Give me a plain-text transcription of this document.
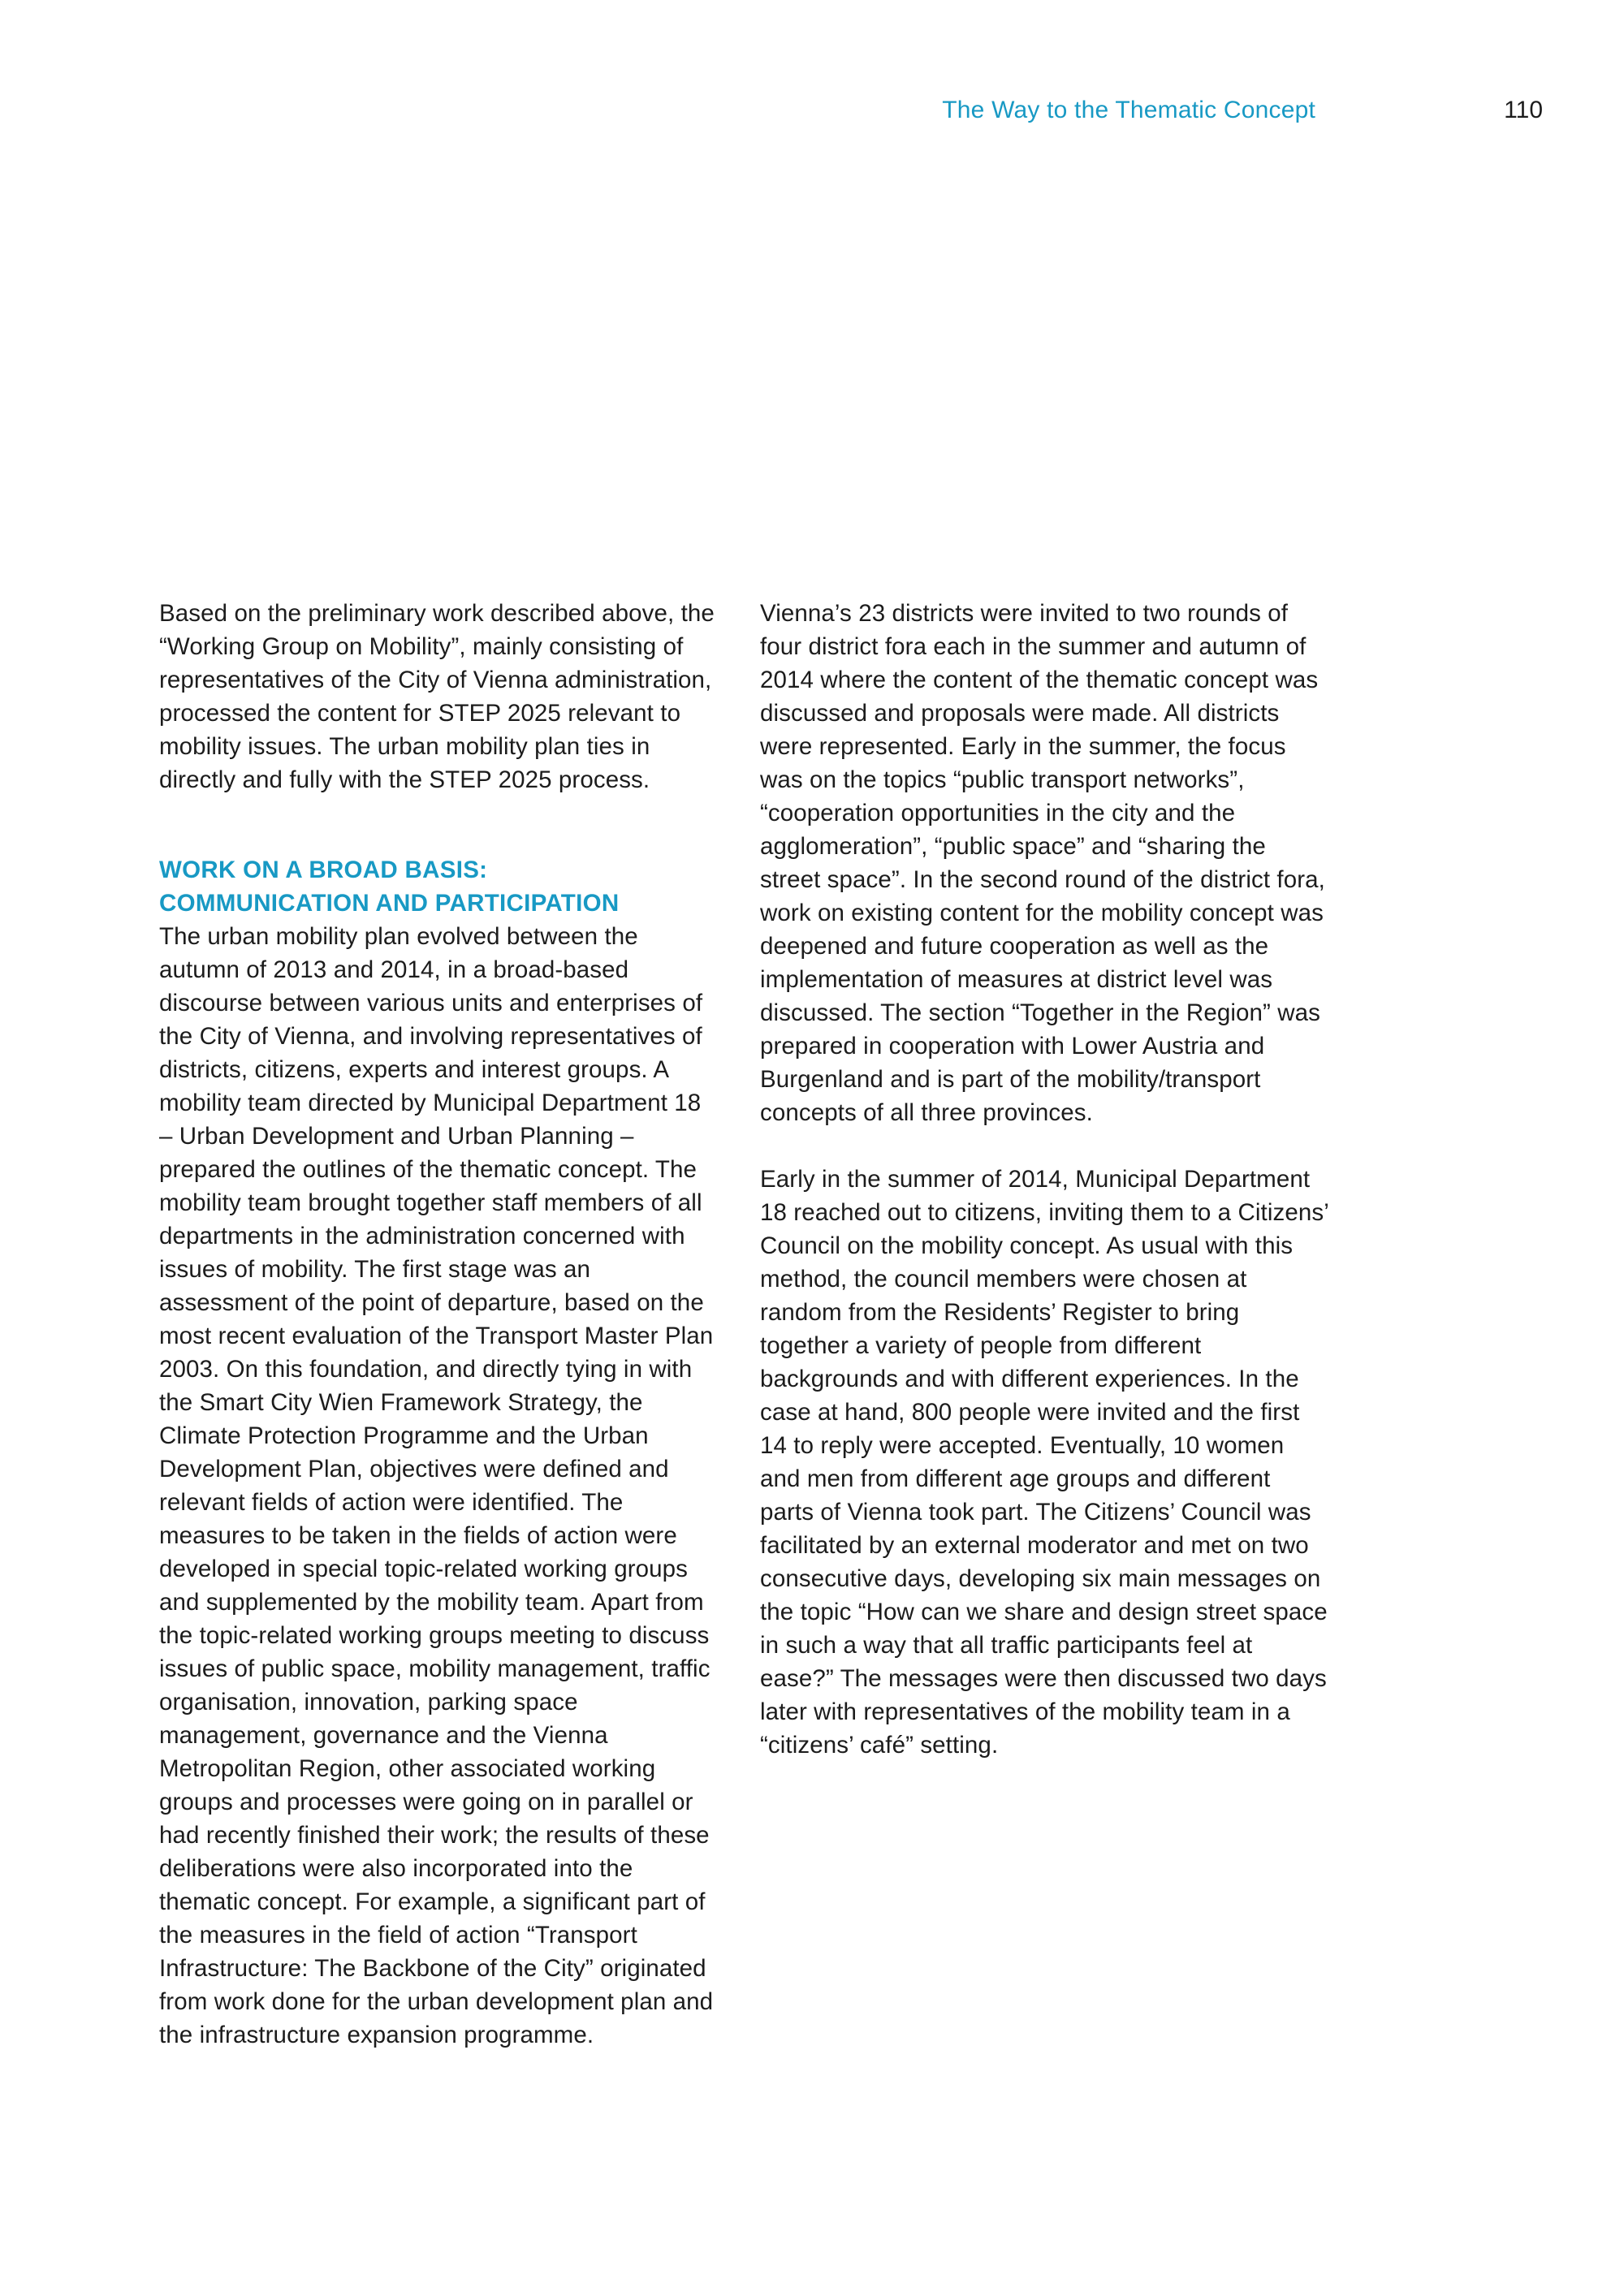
The Way to the Thematic Concept	110

Based on the preliminary work described above, the “Working Group on Mobility”, mainly consisting of representatives of the City of Vienna administration, processed the content for STEP 2025 relevant to mobility issues. The urban mobility plan ties in directly and fully with the STEP 2025 process.

WORK ON A BROAD BASIS:
COMMUNICATION AND PARTICIPATION

The urban mobility plan evolved between the autumn of 2013 and 2014, in a broad-based discourse between various units and enterprises of the City of Vienna, and involving representatives of districts, citizens, experts and interest groups. A mobility team directed by Municipal Department 18 – Urban Development and Urban Planning – prepared the outlines of the thematic concept. The mobility team brought together staff members of all departments in the administration concerned with issues of mobility. The first stage was an assessment of the point of departure, based on the most recent evaluation of the Transport Master Plan 2003. On this foundation, and directly tying in with the Smart City Wien Framework Strategy, the Climate Protection Programme and the Urban Development Plan, objectives were defined and relevant fields of action were identified. The measures to be taken in the fields of action were developed in special topic-related working groups and supplemented by the mobility team. Apart from the topic-related working groups meeting to discuss issues of public space, mobility management, traffic organisation, innovation, parking space management, governance and the Vienna Metropolitan Region, other associated working groups and processes were going on in parallel or had recently finished their work; the results of these deliberations were also incorporated into the thematic concept. For example, a significant part of the measures in the field of action “Transport Infrastructure: The Backbone of the City” originated from work done for the urban development plan and the infrastructure expansion programme.

Vienna’s 23 districts were invited to two rounds of four district fora each in the summer and autumn of 2014 where the content of the thematic concept was discussed and proposals were made. All districts were represented. Early in the summer, the focus was on the topics “public transport networks”, “cooperation opportunities in the city and the agglomeration”, “public space” and “sharing the street space”. In the second round of the district fora, work on existing content for the mobility concept was deepened and future cooperation as well as the implementation of measures at district level was discussed. The section “Together in the Region” was prepared in cooperation with Lower Austria and Burgenland and is part of the mobility/transport concepts of all three provinces.

Early in the summer of 2014, Municipal Department 18 reached out to citizens, inviting them to a Citizens’ Council on the mobility concept. As usual with this method, the council members were chosen at random from the Residents’ Register to bring together a variety of people from different backgrounds and with different experiences. In the case at hand, 800 people were invited and the first 14 to reply were accepted. Eventually, 10 women and men from different age groups and different parts of Vienna took part. The Citizens’ Council was facilitated by an external moderator and met on two consecutive days, developing six main messages on the topic “How can we share and design street space in such a way that all traffic participants feel at ease?” The messages were then discussed two days later with representatives of the mobility team in a “citizens’ café” setting.
